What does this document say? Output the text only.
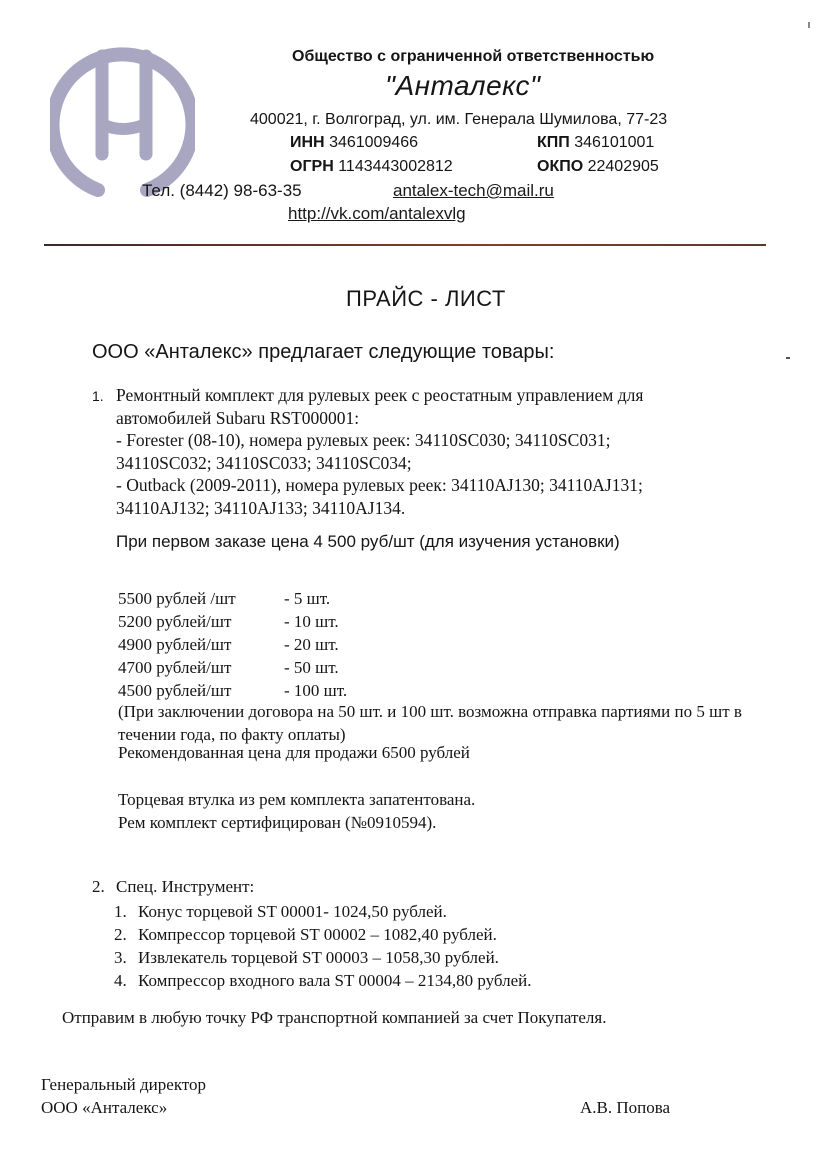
Общество с ограниченной ответственностью
"Анталекс"
400021, г. Волгоград, ул. им. Генерала Шумилова, 77-23
ИНН 3461009466	КПП 346101001
ОГРН 1143443002812	ОКПО 22402905
Тел. (8442) 98-63-35	antalex-tech@mail.ru
http://vk.com/antalexvlg
ПРАЙС - ЛИСТ
ООО «Анталекс» предлагает следующие товары:
1. Ремонтный комплект для рулевых реек с реостатным управлением для
автомобилей Subaru RST000001:
- Forester (08-10), номера рулевых реек: 34110SC030; 34110SC031;
34110SC032; 34110SC033; 34110SC034;
- Outback (2009-2011), номера рулевых реек: 34110AJ130; 34110AJ131;
34110AJ132; 34110AJ133; 34110AJ134.
При первом заказе цена 4 500 руб/шт (для изучения установки)
5500 рублей /шт	- 5 шт.
5200 рублей/шт	- 10 шт.
4900 рублей/шт	- 20 шт.
4700 рублей/шт	- 50 шт.
4500 рублей/шт	- 100 шт.
(При заключении договора на 50 шт. и 100 шт. возможна отправка партиями по 5 шт в течении года, по факту оплаты)
Рекомендованная цена для продажи 6500 рублей
Торцевая втулка из рем комплекта запатентована.
Рем комплект сертифицирован (№0910594).
2. Спец. Инструмент:
1. Конус торцевой ST 00001- 1024,50 рублей.
2. Компрессор торцевой ST 00002 – 1082,40 рублей.
3. Извлекатель торцевой ST 00003 – 1058,30 рублей.
4. Компрессор входного вала ST 00004 – 2134,80 рублей.
Отправим в любую точку РФ транспортной компанией за счет Покупателя.
Генеральный директор
ООО «Анталекс»	А.В. Попова
